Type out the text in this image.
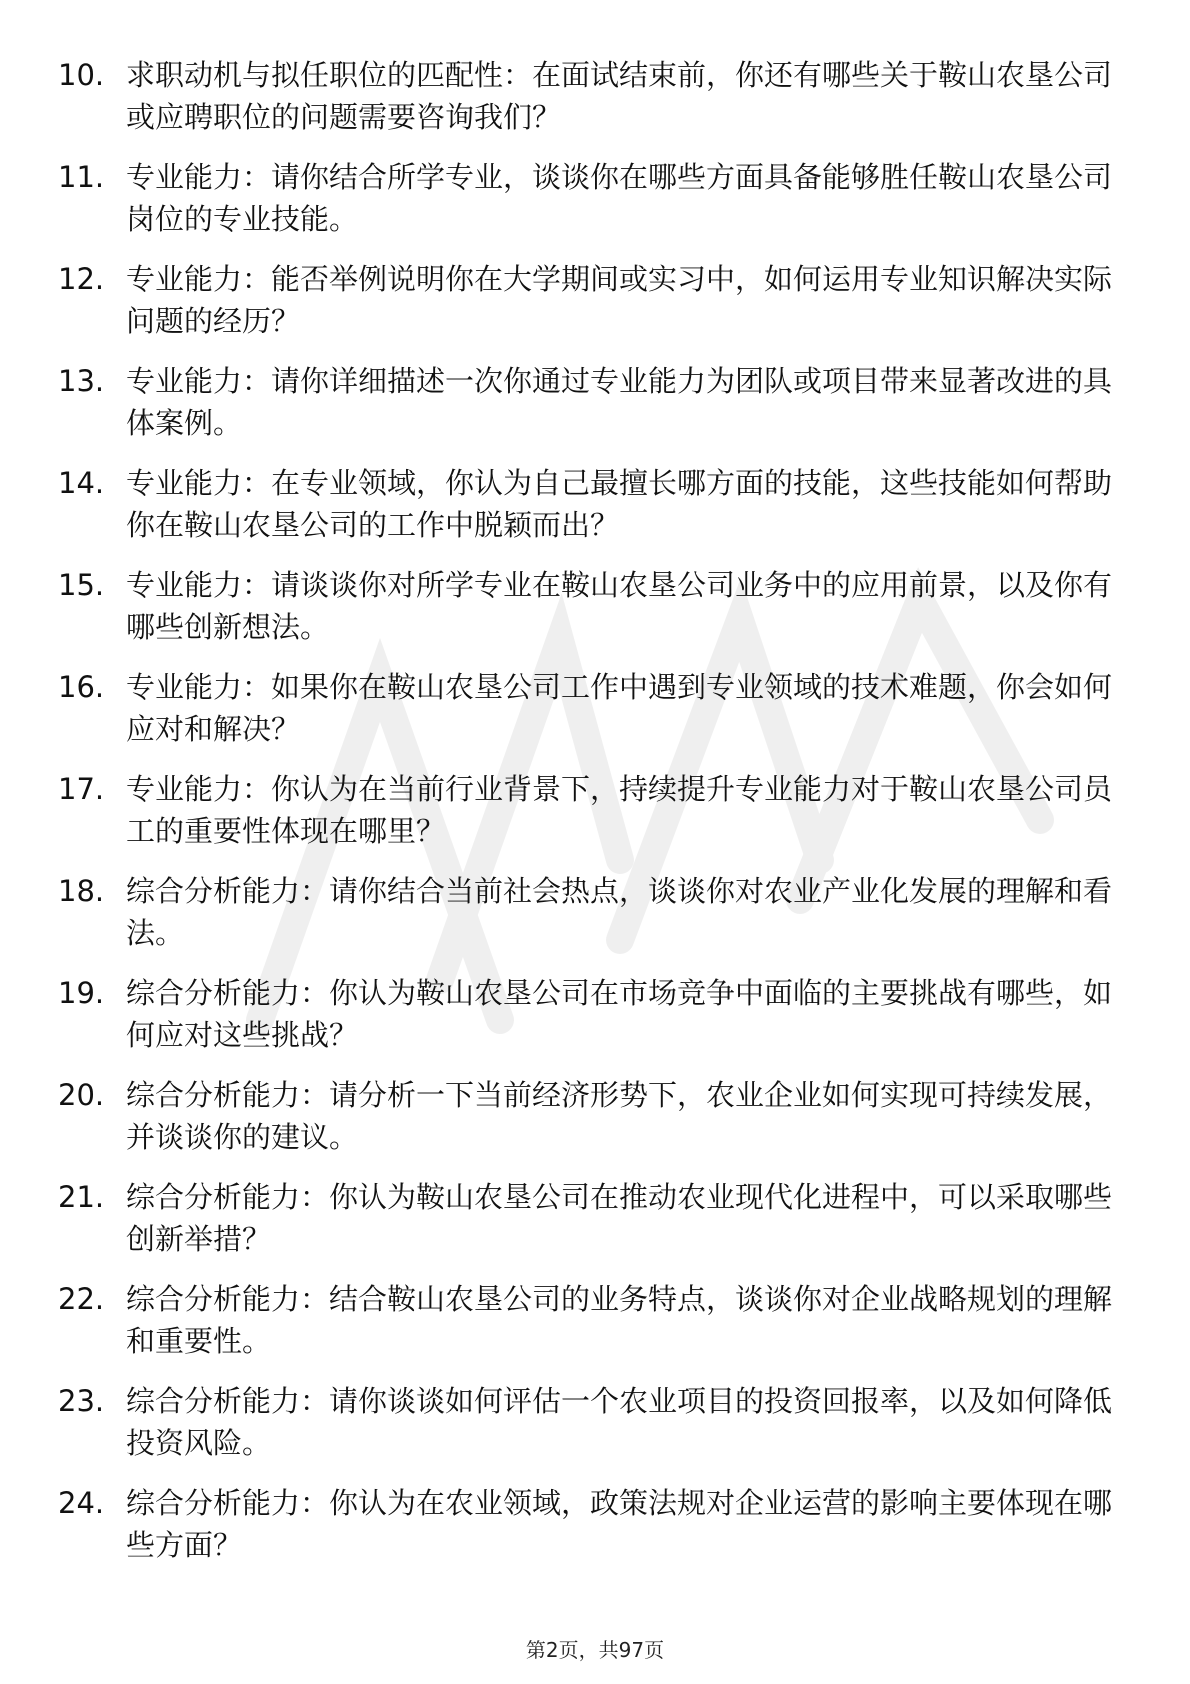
10. 求职动机与拟任职位的匹配性：在面试结束前，你还有哪些关于鞍山农垦公司或应聘职位的问题需要咨询我们？
11. 专业能力：请你结合所学专业，谈谈你在哪些方面具备能够胜任鞍山农垦公司岗位的专业技能。
12. 专业能力：能否举例说明你在大学期间或实习中，如何运用专业知识解决实际问题的经历？
13. 专业能力：请你详细描述一次你通过专业能力为团队或项目带来显著改进的具体案例。
14. 专业能力：在专业领域，你认为自己最擅长哪方面的技能，这些技能如何帮助你在鞍山农垦公司的工作中脱颖而出？
15. 专业能力：请谈谈你对所学专业在鞍山农垦公司业务中的应用前景，以及你有哪些创新想法。
16. 专业能力：如果你在鞍山农垦公司工作中遇到专业领域的技术难题，你会如何应对和解决？
17. 专业能力：你认为在当前行业背景下，持续提升专业能力对于鞍山农垦公司员工的重要性体现在哪里？
18. 综合分析能力：请你结合当前社会热点，谈谈你对农业产业化发展的理解和看法。
19. 综合分析能力：你认为鞍山农垦公司在市场竞争中面临的主要挑战有哪些，如何应对这些挑战？
20. 综合分析能力：请分析一下当前经济形势下，农业企业如何实现可持续发展，并谈谈你的建议。
21. 综合分析能力：你认为鞍山农垦公司在推动农业现代化进程中，可以采取哪些创新举措？
22. 综合分析能力：结合鞍山农垦公司的业务特点，谈谈你对企业战略规划的理解和重要性。
23. 综合分析能力：请你谈谈如何评估一个农业项目的投资回报率，以及如何降低投资风险。
24. 综合分析能力：你认为在农业领域，政策法规对企业运营的影响主要体现在哪些方面？
第2页，共97页
